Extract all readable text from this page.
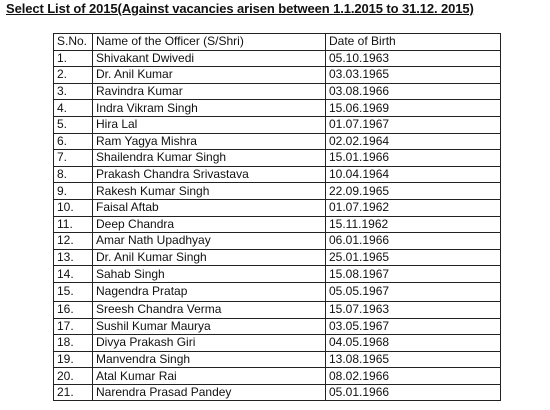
Select List of 2015(Against vacancies arisen between 1.1.2015 to 31.12. 2015)
S.No.	Name of the Officer (S/Shri)	Date of Birth
1.	Shivakant Dwivedi	05.10.1963
2.	Dr. Anil Kumar	03.03.1965
3.	Ravindra Kumar	03.08.1966
4.	Indra Vikram Singh	15.06.1969
5.	Hira Lal	01.07.1967
6.	Ram Yagya Mishra	02.02.1964
7.	Shailendra Kumar Singh	15.01.1966
8.	Prakash Chandra Srivastava	10.04.1964
9.	Rakesh Kumar Singh	22.09.1965
10.	Faisal Aftab	01.07.1962
11.	Deep Chandra	15.11.1962
12.	Amar Nath Upadhyay	06.01.1966
13.	Dr. Anil Kumar Singh	25.01.1965
14.	Sahab Singh	15.08.1967
15.	Nagendra Pratap	05.05.1967
16.	Sreesh Chandra Verma	15.07.1963
17.	Sushil Kumar Maurya	03.05.1967
18.	Divya Prakash Giri	04.05.1968
19.	Manvendra Singh	13.08.1965
20.	Atal Kumar Rai	08.02.1966
21.	Narendra Prasad Pandey	05.01.1966
